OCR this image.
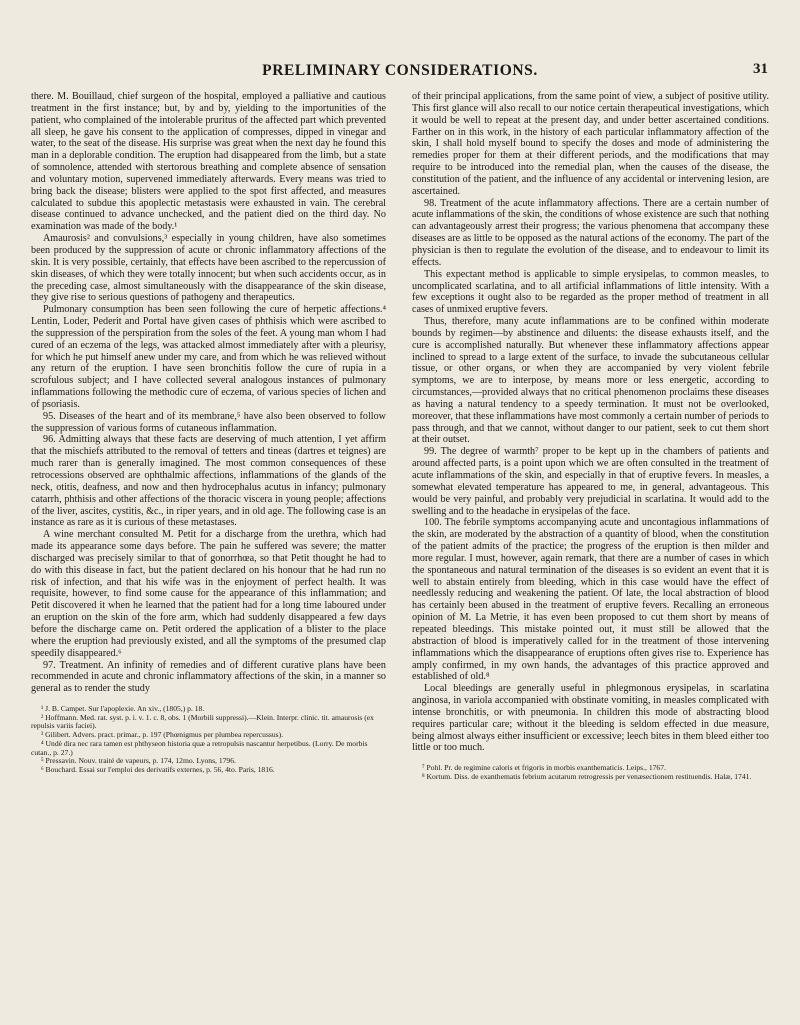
PRELIMINARY CONSIDERATIONS.	31

there. M. Bouillaud, chief surgeon of the hospital, employed a palliative and cautious treatment in the first instance; but, by and by, yielding to the importunities of the patient, who complained of the intolerable pruritus of the affected part which prevented all sleep, he gave his consent to the application of compresses, dipped in vinegar and water, to the seat of the disease. His surprise was great when the next day he found this man in a deplorable condition. The eruption had disappeared from the limb, but a state of somnolence, attended with stertorous breathing and complete absence of sensation and voluntary motion, supervened immediately afterwards. Every means was tried to bring back the disease; blisters were applied to the spot first affected, and measures calculated to subdue this apoplectic metastasis were exhausted in vain. The cerebral disease continued to advance unchecked, and the patient died on the third day. No examination was made of the body.¹

Amaurosis² and convulsions,³ especially in young children, have also sometimes been produced by the suppression of acute or chronic inflammatory affections of the skin. It is very possible, certainly, that effects have been ascribed to the repercussion of skin diseases, of which they were totally innocent; but when such accidents occur, as in the preceding case, almost simultaneously with the disappearance of the skin disease, they give rise to serious questions of pathogeny and therapeutics.

Pulmonary consumption has been seen following the cure of herpetic affections.⁴ Lentin, Loder, Pederit and Portal have given cases of phthisis which were ascribed to the suppression of the perspiration from the soles of the feet. A young man whom I had cured of an eczema of the legs, was attacked almost immediately after with a pleurisy, for which he put himself anew under my care, and from which he was relieved without any return of the eruption. I have seen bronchitis follow the cure of rupia in a scrofulous subject; and I have collected several analogous instances of pulmonary inflammations following the methodic cure of eczema, of various species of lichen and of psoriasis.

95. Diseases of the heart and of its membrane,⁵ have also been observed to follow the suppression of various forms of cutaneous inflammation.

96. Admitting always that these facts are deserving of much attention, I yet affirm that the mischiefs attributed to the removal of tetters and tineas (dartres et teignes) are much rarer than is generally imagined. The most common consequences of these retrocessions observed are ophthalmic affections, inflammations of the glands of the neck, otitis, deafness, and now and then hydrocephalus acutus in infancy; pulmonary catarrh, phthisis and other affections of the thoracic viscera in young people; affections of the liver, ascites, cystitis, &c., in riper years, and in old age. The following case is an instance as rare as it is curious of these metastases.

A wine merchant consulted M. Petit for a discharge from the urethra, which had made its appearance some days before. The pain he suffered was severe; the matter discharged was precisely similar to that of gonorrhœa, so that Petit thought he had to do with this disease in fact, but the patient declared on his honour that he had run no risk of infection, and that his wife was in the enjoyment of perfect health. It was requisite, however, to find some cause for the appearance of this inflammation; and Petit discovered it when he learned that the patient had for a long time laboured under an eruption on the skin of the fore arm, which had suddenly disappeared a few days before the discharge came on. Petit ordered the application of a blister to the place where the eruption had previously existed, and all the symptoms of the presumed clap speedily disappeared.⁶

97. Treatment. An infinity of remedies and of different curative plans have been recommended in acute and chronic inflammatory affections of the skin, in a manner so general as to render the study

¹ J. B. Campet. Sur l'apoplexie. An xiv., (1805,) p. 18.

² Hoffmann. Med. rat. syst. p. i. v. 1. c. 8, obs. 1 (Morbili suppressi).—Klein. Interpr. clinic. tit. amaurosis (ex repulsis variis faciei).

³ Gilibert. Advers. pract. primar., p. 197 (Phœnigmus per plumbea repercussus).

⁴ Undè dira nec rara tamen est phthyseon historia quæ a retropulsis nascantur herpetibus. (Lorry. De morbis cutan., p. 27.)

⁵ Pressavin. Nouv. traité de vapeurs, p. 174, 12mo. Lyons, 1796.

⁶ Bouchard. Essai sur l'emploi des derivatifs externes, p. 56, 4to. Paris, 1816.

of their principal applications, from the same point of view, a subject of positive utility. This first glance will also recall to our notice certain therapeutical investigations, which it would be well to repeat at the present day, and under better ascertained conditions. Farther on in this work, in the history of each particular inflammatory affection of the skin, I shall hold myself bound to specify the doses and mode of administering the remedies proper for them at their different periods, and the modifications that may require to be introduced into the remedial plan, when the causes of the disease, the constitution of the patient, and the influence of any accidental or intervening lesion, are ascertained.

98. Treatment of the acute inflammatory affections. There are a certain number of acute inflammations of the skin, the conditions of whose existence are such that nothing can advantageously arrest their progress; the various phenomena that accompany these diseases are as little to be opposed as the natural actions of the economy. The part of the physician is then to regulate the evolution of the disease, and to endeavour to limit its effects.

This expectant method is applicable to simple erysipelas, to common measles, to uncomplicated scarlatina, and to all artificial inflammations of little intensity. With a few exceptions it ought also to be regarded as the proper method of treatment in all cases of unmixed eruptive fevers.

Thus, therefore, many acute inflammations are to be confined within moderate bounds by regimen—by abstinence and diluents: the disease exhausts itself, and the cure is accomplished naturally. But whenever these inflammatory affections appear inclined to spread to a large extent of the surface, to invade the subcutaneous cellular tissue, or other organs, or when they are accompanied by very violent febrile symptoms, we are to interpose, by means more or less energetic, according to circumstances,—provided always that no critical phenomenon proclaims these diseases as having a natural tendency to a speedy termination. It must not be overlooked, moreover, that these inflammations have most commonly a certain number of periods to pass through, and that we cannot, without danger to our patient, seek to cut them short at their outset.

99. The degree of warmth⁷ proper to be kept up in the chambers of patients and around affected parts, is a point upon which we are often consulted in the treatment of acute inflammations of the skin, and especially in that of eruptive fevers. In measles, a somewhat elevated temperature has appeared to me, in general, advantageous. This would be very painful, and probably very prejudicial in scarlatina. It would add to the swelling and to the headache in erysipelas of the face.

100. The febrile symptoms accompanying acute and uncontagious inflammations of the skin, are moderated by the abstraction of a quantity of blood, when the constitution of the patient admits of the practice; the progress of the eruption is then milder and more regular. I must, however, again remark, that there are a number of cases in which the spontaneous and natural termination of the diseases is so evident an event that it is well to abstain entirely from bleeding, which in this case would have the effect of needlessly reducing and weakening the patient. Of late, the local abstraction of blood has certainly been abused in the treatment of eruptive fevers. Recalling an erroneous opinion of M. La Metrie, it has even been proposed to cut them short by means of repeated bleedings. This mistake pointed out, it must still be allowed that the abstraction of blood is imperatively called for in the treatment of those intervening inflammations which the disappearance of eruptions often gives rise to. Experience has amply confirmed, in my own hands, the advantages of this practice approved and established of old.⁸

Local bleedings are generally useful in phlegmonous erysipelas, in scarlatina anginosa, in variola accompanied with obstinate vomiting, in measles complicated with intense bronchitis, or with pneumonia. In children this mode of abstracting blood requires particular care; without it the bleeding is seldom effected in due measure, being almost always either insufficient or excessive; leech bites in them bleed either too little or too much.

⁷ Pohl. Pr. de regimine caloris et frigoris in morbis exanthematicis. Leips., 1767.

⁸ Kortum. Diss. de exanthematis febrium acutarum retrogressis per venæsectionem restituendis. Halæ, 1741.
